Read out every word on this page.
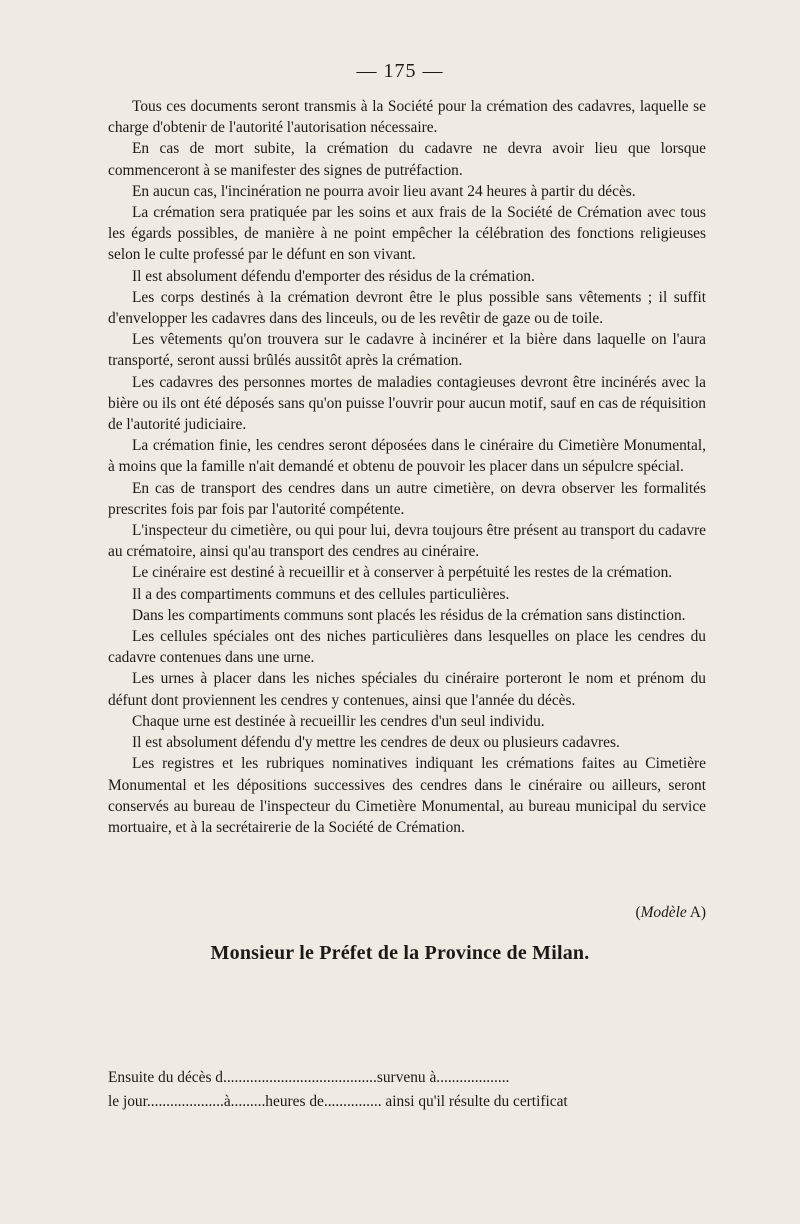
— 175 —

Tous ces documents seront transmis à la Société pour la crémation des cadavres, laquelle se charge d'obtenir de l'autorité l'autorisation nécessaire.

En cas de mort subite, la crémation du cadavre ne devra avoir lieu que lorsque commenceront à se manifester des signes de putréfaction.

En aucun cas, l'incinération ne pourra avoir lieu avant 24 heures à partir du décès.

La crémation sera pratiquée par les soins et aux frais de la Société de Crémation avec tous les égards possibles, de manière à ne point empêcher la célébration des fonctions religieuses selon le culte professé par le défunt en son vivant.

Il est absolument défendu d'emporter des résidus de la crémation.

Les corps destinés à la crémation devront être le plus possible sans vêtements ; il suffit d'envelopper les cadavres dans des linceuls, ou de les revêtir de gaze ou de toile.

Les vêtements qu'on trouvera sur le cadavre à incinérer et la bière dans laquelle on l'aura transporté, seront aussi brûlés aussitôt après la crémation.

Les cadavres des personnes mortes de maladies contagieuses devront être incinérés avec la bière ou ils ont été déposés sans qu'on puisse l'ouvrir pour aucun motif, sauf en cas de réquisition de l'autorité judiciaire.

La crémation finie, les cendres seront déposées dans le cinéraire du Cimetière Monumental, à moins que la famille n'ait demandé et obtenu de pouvoir les placer dans un sépulcre spécial.

En cas de transport des cendres dans un autre cimetière, on devra observer les formalités prescrites fois par fois par l'autorité compétente.

L'inspecteur du cimetière, ou qui pour lui, devra toujours être présent au transport du cadavre au crématoire, ainsi qu'au transport des cendres au cinéraire.

Le cinéraire est destiné à recueillir et à conserver à perpétuité les restes de la crémation.

Il a des compartiments communs et des cellules particulières.

Dans les compartiments communs sont placés les résidus de la crémation sans distinction.

Les cellules spéciales ont des niches particulières dans lesquelles on place les cendres du cadavre contenues dans une urne.

Les urnes à placer dans les niches spéciales du cinéraire porteront le nom et prénom du défunt dont proviennent les cendres y contenues, ainsi que l'année du décès.

Chaque urne est destinée à recueillir les cendres d'un seul individu.

Il est absolument défendu d'y mettre les cendres de deux ou plusieurs cadavres.

Les registres et les rubriques nominatives indiquant les crémations faites au Cimetière Monumental et les dépositions successives des cendres dans le cinéraire ou ailleurs, seront conservés au bureau de l'inspecteur du Cimetière Monumental, au bureau municipal du service mortuaire, et à la secrétairerie de la Société de Crémation.

(Modèle A)
Monsieur le Préfet de la Province de Milan.
Ensuite du décès d........................................survenu à...................
le jour....................à.........heures de............... ainsi qu'il résulte du certificat
